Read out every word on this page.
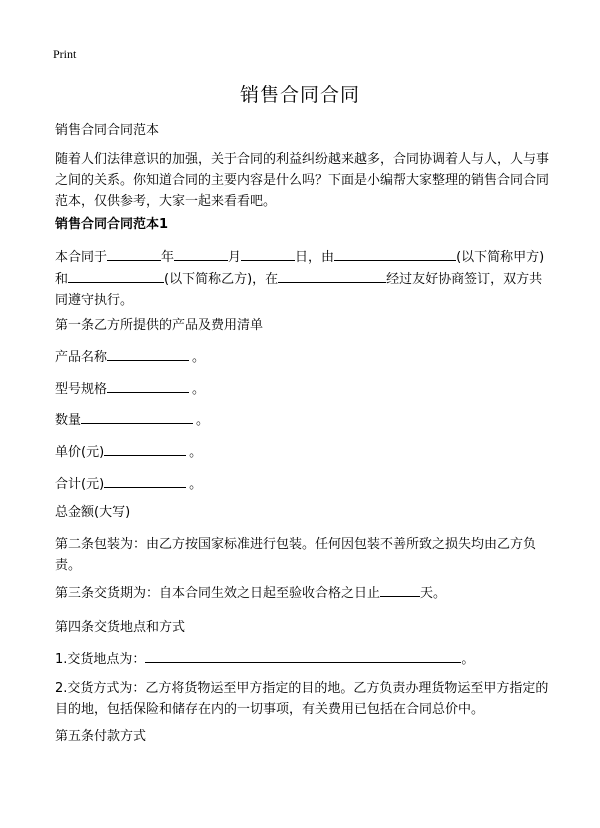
Print
销售合同合同

销售合同合同范本

随着人们法律意识的加强，关于合同的利益纠纷越来越多，合同协调着人与人，人与事之间的关系。你知道合同的主要内容是什么吗？下面是小编帮大家整理的销售合同合同范本，仅供参考，大家一起来看看吧。

销售合同合同范本1

本合同于	年	月	日，由	(以下简称甲方)和	(以下简称乙方)，在	经过友好协商签订，双方共同遵守执行。

第一条乙方所提供的产品及费用清单

产品名称	。
型号规格	。
数量	。
单价(元)	。
合计(元)	。

总金额(大写)

第二条包装为：由乙方按国家标准进行包装。任何因包装不善所致之损失均由乙方负责。

第三条交货期为：自本合同生效之日起至验收合格之日止	天。

第四条交货地点和方式

1.交货地点为：	。

2.交货方式为：乙方将货物运至甲方指定的目的地。乙方负责办理货物运至甲方指定的目的地，包括保险和储存在内的一切事项，有关费用已包括在合同总价中。

第五条付款方式
